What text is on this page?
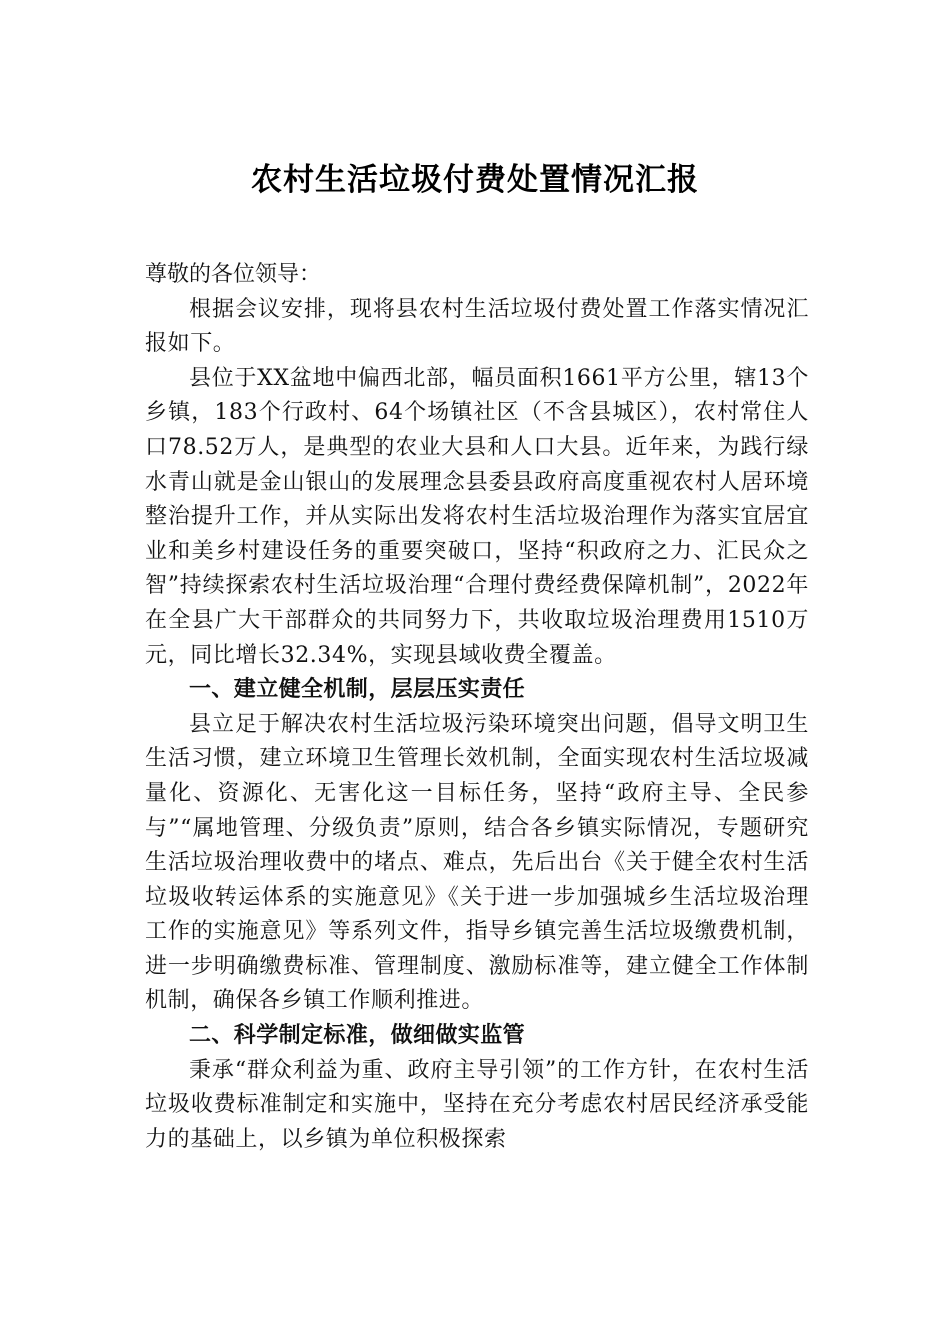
农村生活垃圾付费处置情况汇报

尊敬的各位领导：

根据会议安排，现将县农村生活垃圾付费处置工作落实情况汇报如下。

县位于XX盆地中偏西北部，幅员面积1661平方公里，辖13个乡镇，183个行政村、64个场镇社区（不含县城区），农村常住人口78.52万人，是典型的农业大县和人口大县。近年来，为践行绿水青山就是金山银山的发展理念县委县政府高度重视农村人居环境整治提升工作，并从实际出发将农村生活垃圾治理作为落实宜居宜业和美乡村建设任务的重要突破口，坚持“积政府之力、汇民众之智”持续探索农村生活垃圾治理“合理付费经费保障机制”，2022年在全县广大干部群众的共同努力下，共收取垃圾治理费用1510万元，同比增长32.34%，实现县域收费全覆盖。

一、建立健全机制，层层压实责任

县立足于解决农村生活垃圾污染环境突出问题，倡导文明卫生生活习惯，建立环境卫生管理长效机制，全面实现农村生活垃圾减量化、资源化、无害化这一目标任务，坚持“政府主导、全民参与”“属地管理、分级负责”原则，结合各乡镇实际情况，专题研究生活垃圾治理收费中的堵点、难点，先后出台《关于健全农村生活垃圾收转运体系的实施意见》《关于进一步加强城乡生活垃圾治理工作的实施意见》等系列文件，指导乡镇完善生活垃圾缴费机制，进一步明确缴费标准、管理制度、激励标准等，建立健全工作体制机制，确保各乡镇工作顺利推进。

二、科学制定标准，做细做实监管

秉承“群众利益为重、政府主导引领”的工作方针，在农村生活垃圾收费标准制定和实施中，坚持在充分考虑农村居民经济承受能力的基础上，以乡镇为单位积极探索
